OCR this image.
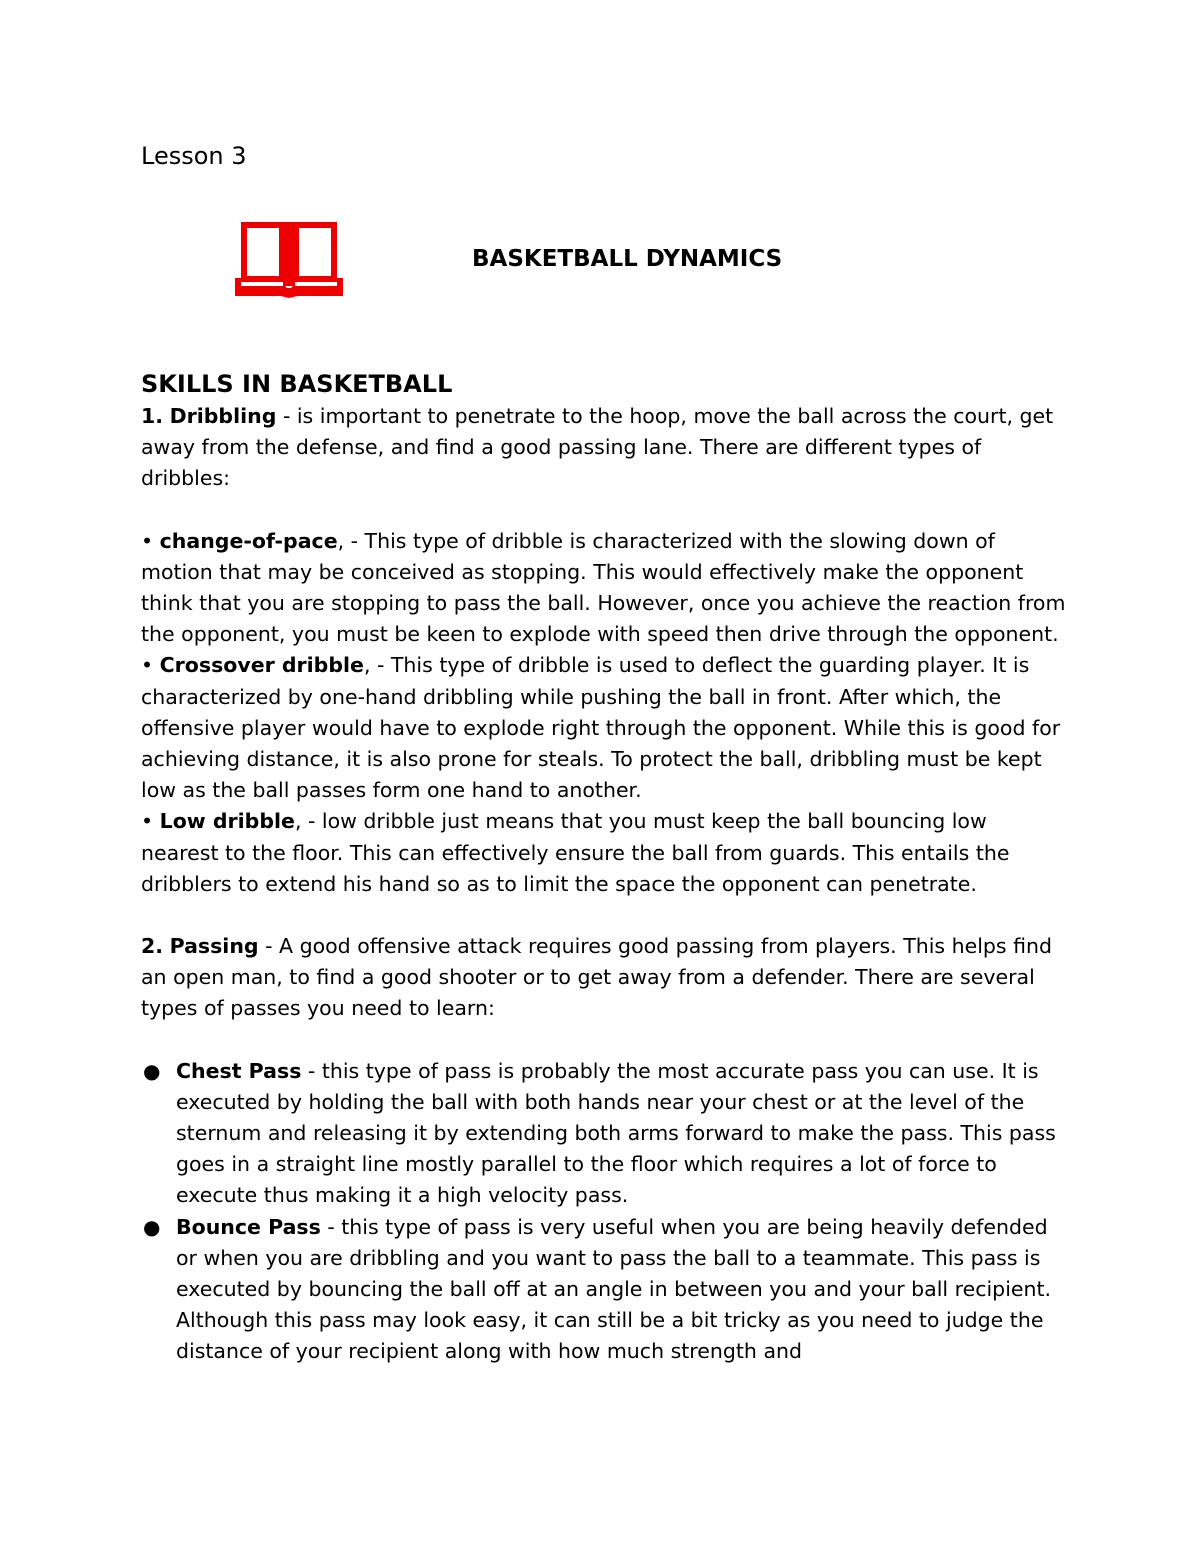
Lesson 3
BASKETBALL DYNAMICS

SKILLS IN BASKETBALL

1. Dribbling - is important to penetrate to the hoop, move the ball across the court, get away from the defense, and find a good passing lane. There are different types of dribbles:

• change-of-pace, - This type of dribble is characterized with the slowing down of motion that may be conceived as stopping. This would effectively make the opponent think that you are stopping to pass the ball. However, once you achieve the reaction from the opponent, you must be keen to explode with speed then drive through the opponent.
• Crossover dribble, - This type of dribble is used to deflect the guarding player. It is characterized by one-hand dribbling while pushing the ball in front. After which, the offensive player would have to explode right through the opponent. While this is good for achieving distance, it is also prone for steals. To protect the ball, dribbling must be kept low as the ball passes form one hand to another.
• Low dribble, - low dribble just means that you must keep the ball bouncing low nearest to the floor. This can effectively ensure the ball from guards. This entails the dribblers to extend his hand so as to limit the space the opponent can penetrate.

2. Passing - A good offensive attack requires good passing from players. This helps find an open man, to find a good shooter or to get away from a defender. There are several types of passes you need to learn:

● Chest Pass - this type of pass is probably the most accurate pass you can use. It is executed by holding the ball with both hands near your chest or at the level of the sternum and releasing it by extending both arms forward to make the pass. This pass goes in a straight line mostly parallel to the floor which requires a lot of force to execute thus making it a high velocity pass.
● Bounce Pass - this type of pass is very useful when you are being heavily defended or when you are dribbling and you want to pass the ball to a teammate. This pass is executed by bouncing the ball off at an angle in between you and your ball recipient. Although this pass may look easy, it can still be a bit tricky as you need to judge the distance of your recipient along with how much strength and
